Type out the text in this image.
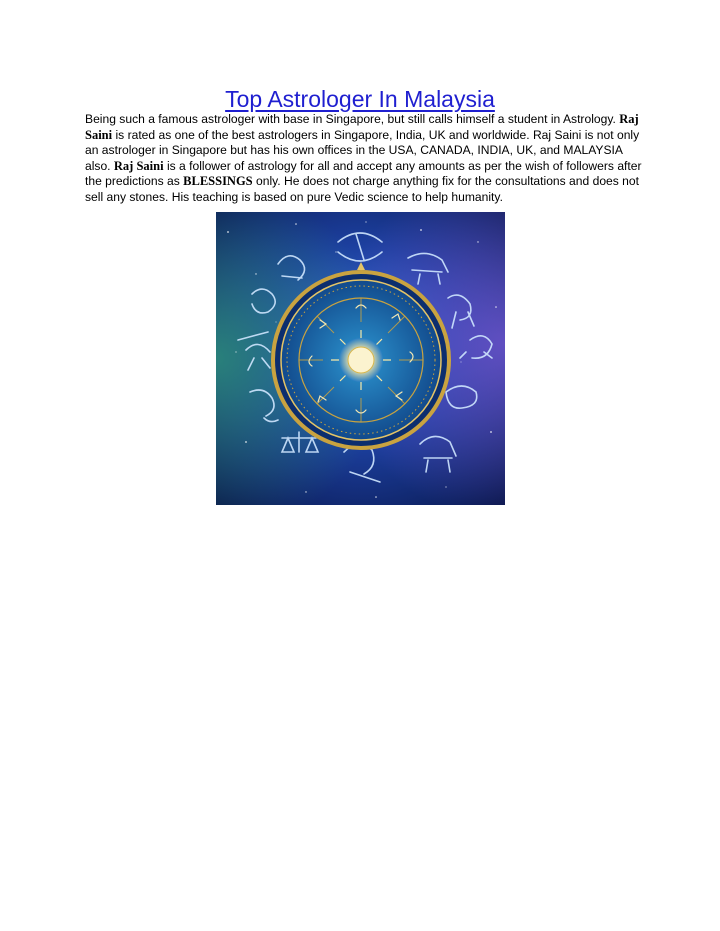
Top Astrologer In Malaysia
Being such a famous astrologer with base in Singapore, but still calls himself a student in Astrology. Raj Saini is rated as one of the best astrologers in Singapore, India, UK and worldwide. Raj Saini is not only an astrologer in Singapore but has his own offices in the USA, CANADA, INDIA, UK, and MALAYSIA also. Raj Saini is a follower of astrology for all and accept any amounts as per the wish of followers after the predictions as BLESSINGS only. He does not charge anything fix for the consultations and does not sell any stones. His teaching is based on pure Vedic science to help humanity.
